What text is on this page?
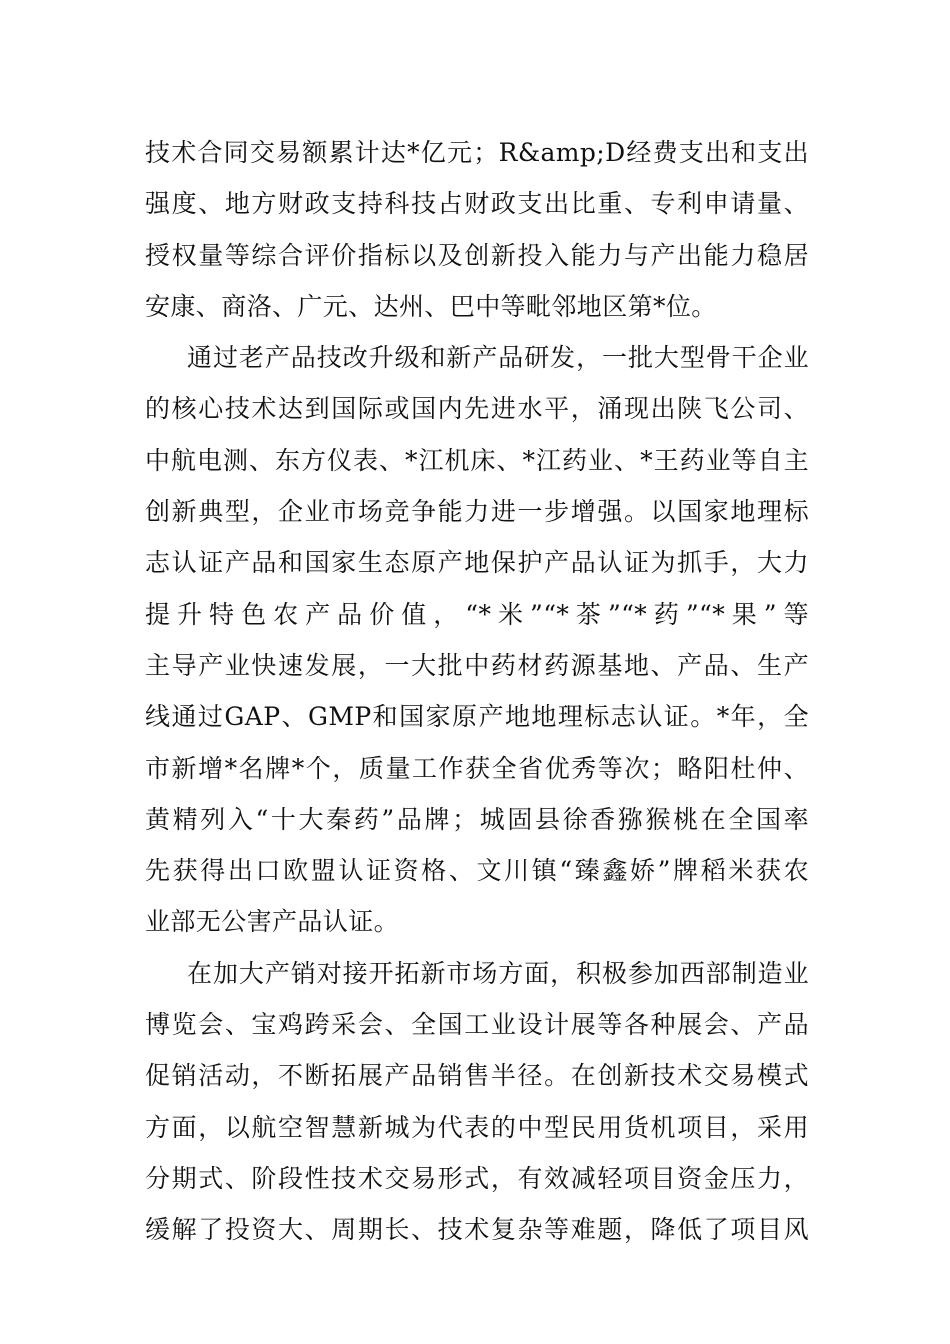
技术合同交易额累计达*亿元；R&amp;D经费支出和支出
强度、地方财政支持科技占财政支出比重、专利申请量、
授权量等综合评价指标以及创新投入能力与产出能力稳居
安康、商洛、广元、达州、巴中等毗邻地区第*位。
通过老产品技改升级和新产品研发，一批大型骨干企业
的核心技术达到国际或国内先进水平，涌现出陕飞公司、
中航电测、东方仪表、*江机床、*江药业、*王药业等自主
创新典型，企业市场竞争能力进一步增强。以国家地理标
志认证产品和国家生态原产地保护产品认证为抓手，大力
提升特色农产品价值，“*米”“*茶”“*药”“*果”等
主导产业快速发展，一大批中药材药源基地、产品、生产
线通过GAP、GMP和国家原产地地理标志认证。*年，全
市新增*名牌*个，质量工作获全省优秀等次；略阳杜仲、
黄精列入“十大秦药”品牌；城固县徐香猕猴桃在全国率
先获得出口欧盟认证资格、文川镇“臻鑫娇”牌稻米获农
业部无公害产品认证。
在加大产销对接开拓新市场方面，积极参加西部制造业
博览会、宝鸡跨采会、全国工业设计展等各种展会、产品
促销活动，不断拓展产品销售半径。在创新技术交易模式
方面，以航空智慧新城为代表的中型民用货机项目，采用
分期式、阶段性技术交易形式，有效减轻项目资金压力，
缓解了投资大、周期长、技术复杂等难题，降低了项目风
